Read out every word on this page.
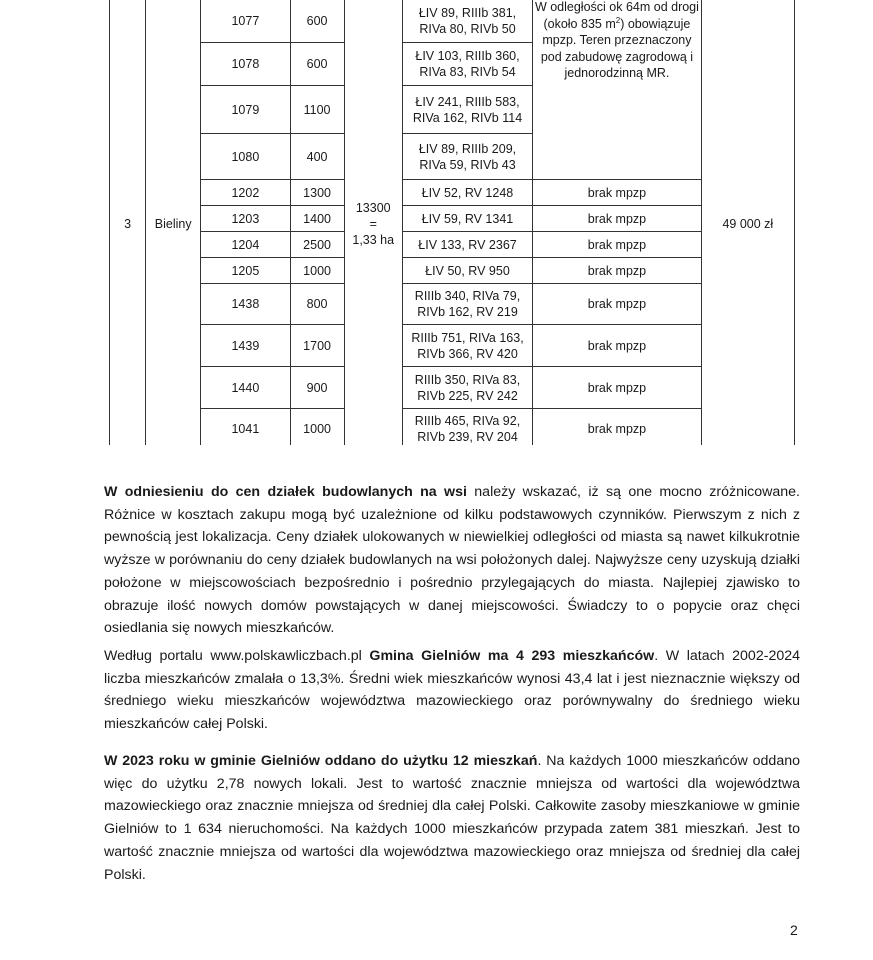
3	Bieliny	1077	600	13300
=
1,33 ha	ŁIV 89, RIIIb 381,
RIVa 80, RIVb 50	W odległości ok 64m od drogi (około 835 $m^2$) obowiązuje mpzp. Teren przeznaczony pod zabudowę zagrodową i jednorodzinną MR.	49 000 zł
		1078	600		ŁIV 103, RIIIb 360,
RIVa 83, RIVb 54		
		1079	1100		ŁIV 241, RIIIb 583,
RIVa 162, RIVb 114		
		1080	400		ŁIV 89, RIIIb 209,
RIVa 59, RIVb 43		
		1202	1300		ŁIV 52, RV 1248	brak mpzp	
		1203	1400		ŁIV 59, RV 1341	brak mpzp	
		1204	2500		ŁIV 133, RV 2367	brak mpzp	
		1205	1000		ŁIV 50, RV 950	brak mpzp	
		1438	800		RIIIb 340, RIVa 79,
RIVb 162, RV 219	brak mpzp	
		1439	1700		RIIIb 751, RIVa 163,
RIVb 366, RV 420	brak mpzp	
		1440	900		RIIIb 350, RIVa 83,
RIVb 225, RV 242	brak mpzp	
		1041	1000		RIIIb 465, RIVa 92,
RIVb 239, RV 204	brak mpzp	

W odniesieniu do cen działek budowlanych na wsi należy wskazać, iż są one mocno zróżnicowane. Różnice w kosztach zakupu mogą być uzależnione od kilku podstawowych czynników. Pierwszym z nich z pewnością jest lokalizacja. Ceny działek ulokowanych w niewielkiej odległości od miasta są nawet kilkukrotnie wyższe w porównaniu do ceny działek budowlanych na wsi położonych dalej. Najwyższe ceny uzyskują działki położone w miejscowościach bezpośrednio i pośrednio przylegających do miasta. Najlepiej zjawisko to obrazuje ilość nowych domów powstających w danej miejscowości. Świadczy to o popycie oraz chęci osiedlania się nowych mieszkańców.

Według portalu www.polskawliczbach.pl Gmina Gielniów ma 4 293 mieszkańców. W latach 2002-2024 liczba mieszkańców zmalała o 13,3%. Średni wiek mieszkańców wynosi 43,4 lat i jest nieznacznie większy od średniego wieku mieszkańców województwa mazowieckiego oraz porównywalny do średniego wieku mieszkańców całej Polski.

W 2023 roku w gminie Gielniów oddano do użytku 12 mieszkań. Na każdych 1000 mieszkańców oddano więc do użytku 2,78 nowych lokali. Jest to wartość znacznie mniejsza od wartości dla województwa mazowieckiego oraz znacznie mniejsza od średniej dla całej Polski. Całkowite zasoby mieszkaniowe w gminie Gielniów to 1 634 nieruchomości. Na każdych 1000 mieszkańców przypada zatem 381 mieszkań. Jest to wartość znacznie mniejsza od wartości dla województwa mazowieckiego oraz mniejsza od średniej dla całej Polski.

2
